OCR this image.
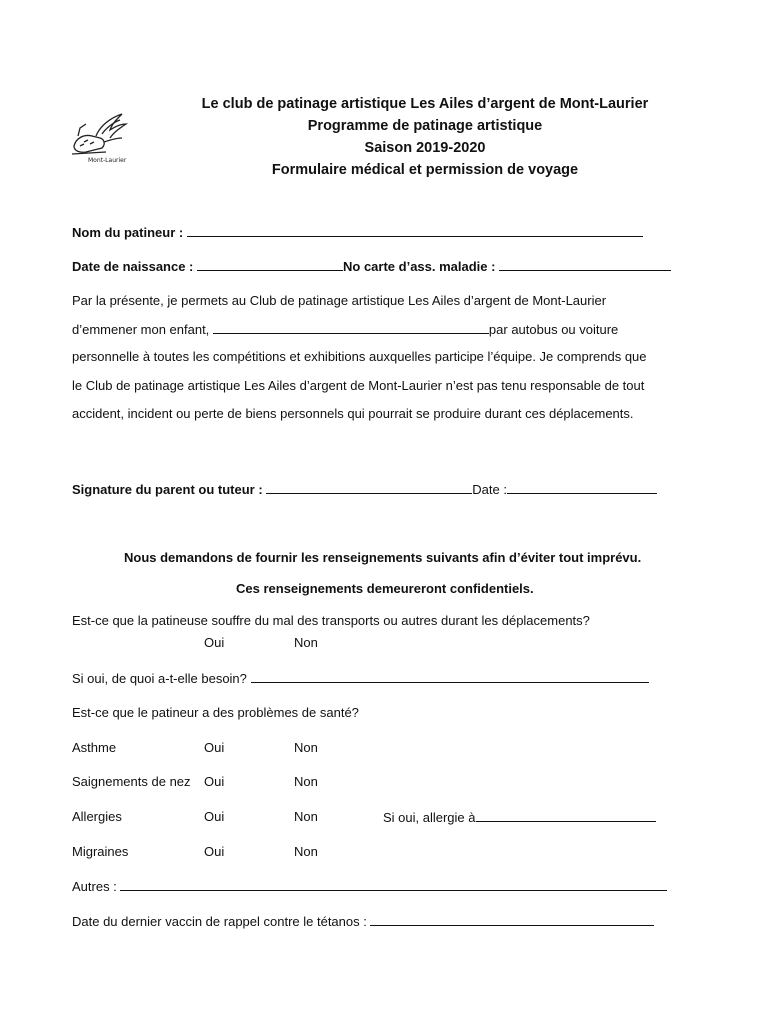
Mont-Laurier
Le club de patinage artistique Les Ailes d’argent de Mont-Laurier
Programme de patinage artistique
Saison 2019-2020
Formulaire médical et permission de voyage
Nom du patineur :
Date de naissance :	No carte d’ass. maladie :
Par la présente, je permets au Club de patinage artistique Les Ailes d’argent de Mont-Laurier
d’emmener mon enfant,	par autobus ou voiture
personnelle à toutes les compétitions et exhibitions auxquelles participe l’équipe. Je comprends que
le Club de patinage artistique Les Ailes d’argent de Mont-Laurier n’est pas tenu responsable de tout
accident, incident ou perte de biens personnels qui pourrait se produire durant ces déplacements.
Signature du parent ou tuteur :	Date :
Nous demandons de fournir les renseignements suivants afin d’éviter tout imprévu.
Ces renseignements demeureront confidentiels.
Est-ce que la patineuse souffre du mal des transports ou autres durant les déplacements?
Oui	Non
Si oui, de quoi a-t-elle besoin?
Est-ce que le patineur a des problèmes de santé?
Asthme	Oui	Non
Saignements de nez Oui	Non
Allergies	Oui	Non	Si oui, allergie à
Migraines	Oui	Non
Autres :
Date du dernier vaccin de rappel contre le tétanos :
